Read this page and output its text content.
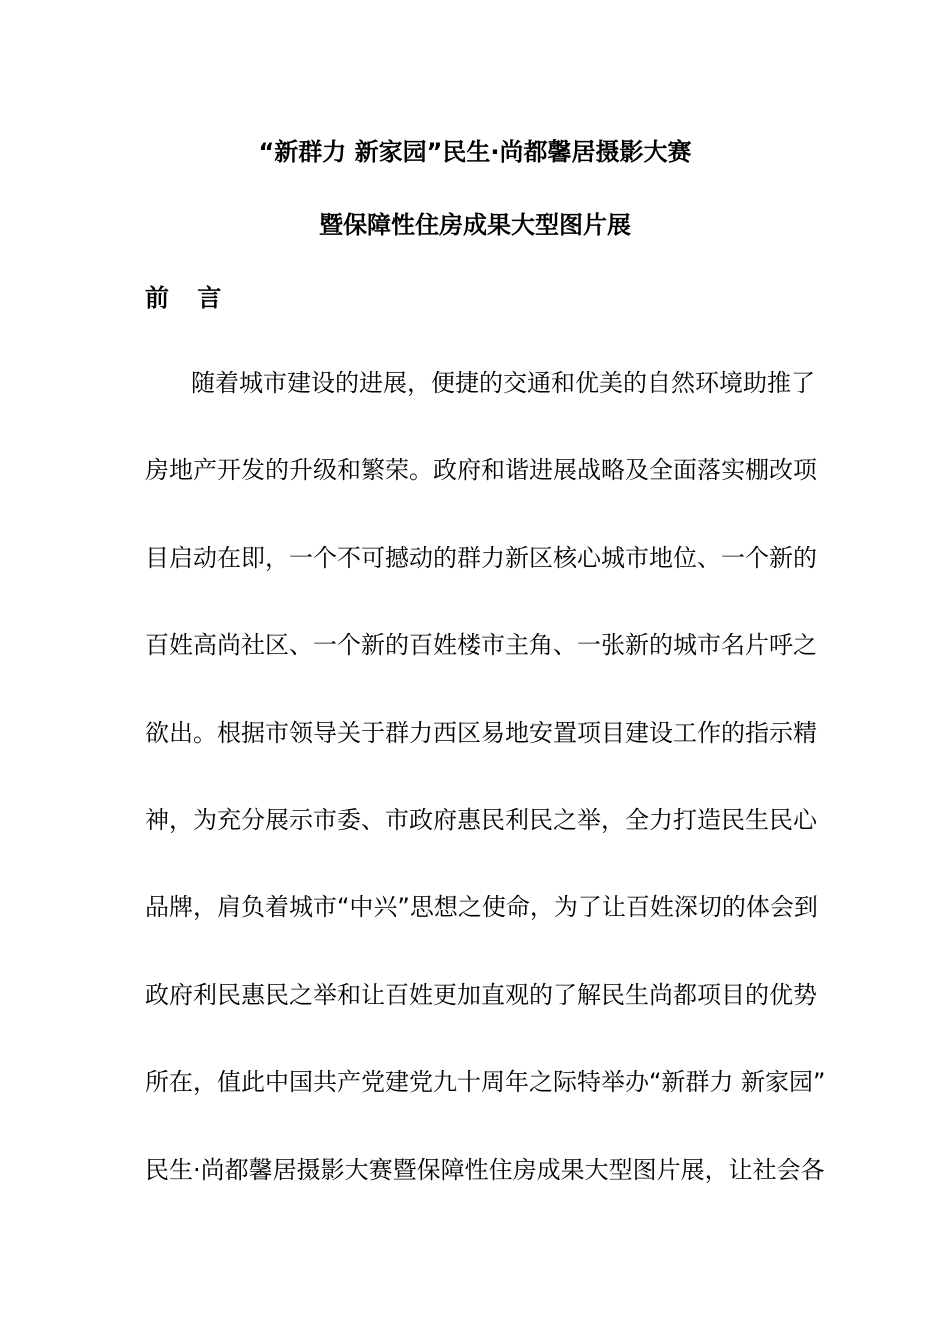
“新群力 新家园”民生·尚都馨居摄影大赛
暨保障性住房成果大型图片展
前 言
随着城市建设的进展，便捷的交通和优美的自然环境助推了
房地产开发的升级和繁荣。政府和谐进展战略及全面落实棚改项
目启动在即，一个不可撼动的群力新区核心城市地位、一个新的
百姓高尚社区、一个新的百姓楼市主角、一张新的城市名片呼之
欲出。根据市领导关于群力西区易地安置项目建设工作的指示精
神，为充分展示市委、市政府惠民利民之举，全力打造民生民心
品牌，肩负着城市“中兴”思想之使命，为了让百姓深切的体会到
政府利民惠民之举和让百姓更加直观的了解民生尚都项目的优势
所在，值此中国共产党建党九十周年之际特举办“新群力 新家园”
民生·尚都馨居摄影大赛暨保障性住房成果大型图片展，让社会各
